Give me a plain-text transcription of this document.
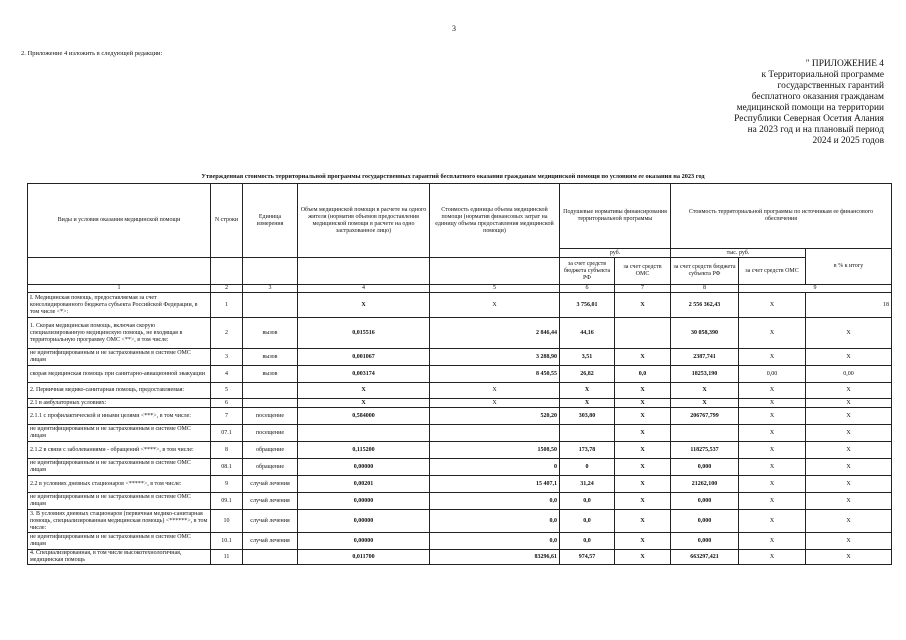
3
2. Приложение 4 изложить в следующей редакции:
" ПРИЛОЖЕНИЕ 4
к Территориальной программе
государственных гарантий
бесплатного оказания гражданам
медицинской помощи на территории
Республики Северная Осетия Алания
на 2023 год и на плановый период
2024 и 2025 годов
Утвержденная стоимость территориальной программы государственных гарантий бесплатного оказания гражданам медицинской помощи по условиям ее оказания на 2023 год
Виды и условия оказания медицинской помощи	N строки	Единица измерения	Объем медицинской помощи в расчете на одного жителя (норматив объемов предоставления медицинской помощи в расчете на одно застрахованное лицо)	Стоимость единицы объема медицинской помощи (норматив финансовых затрат на единицу объема предоставления медицинской помощи)	Подушевые нормативы финансирования территориальной программы		Стоимость территориальной программы по источникам ее финансового обеспечения		
					руб.		тыс. руб.		в % к итогу
					за счет средств бюджета субъекта РФ	за счет средств ОМС	за счет средств бюджета субъекта РФ	за счет средств ОМС	
1	2	3	4	5	6	7	8	9	
I. Медицинская помощь, предоставляемая за счет консолидированного бюджета субъекта Российской Федерации, в том числе <*>:	1		X	X	3 756,01	X	2 556 362,43	X	18
1. Скорая медицинская помощь, включая скорую специализированную медицинскую помощь, не входящая в территориальную программу ОМС <**>, в том числе:	2	вызов	0,015516	2 846,44	44,16		30 058,390	X	X
не идентифицированным и не застрахованным в системе ОМС лицам	3	вызов	0,001067	3 288,90	3,51	X	2387,741	X	X
скорая медицинская помощь при санитарно-авиационной эвакуации	4	вызов	0,003174	8 450,55	26,82	0,0	18253,190	0,00	0,00
2. Первичная медико-санитарная помощь, предоставляемая:	5		X	X	X	X	X	X	X
2.1 в амбулаторных условиях:	6		X	X	X	X	X	X	X
2.1.1 с профилактической и иными целями <***>, в том числе:	7	посещение	0,584000	520,20	303,80	X	206767,799	X	X
не идентифицированным и не застрахованным в системе ОМС лицам	07.1	посещение				X		X	X
2.1.2 в связи с заболеваниями - обращений <****>, в том числе:	8	обращение	0,115200	1508,50	173,78	X	118275,537	X	X
не идентифицированным и не застрахованным в системе ОМС лицам	08.1	обращение	0,00000	0	0	X	0,000	X	X
2.2 в условиях дневных стационаров <*****>, в том числе:	9	случай лечения	0,00201	15 407,1	31,24	X	21262,100	X	X
не идентифицированным и не застрахованным в системе ОМС лицам	09.1	случай лечения	0,00000	0,0	0,0	X	0,000	X	X
3. В условиях дневных стационаров (первичная медико-санитарная помощь, специализированная медицинская помощь) <******>, в том числе:	10	случай лечения	0,00000	0,0	0,0	X	0,000	X	X
не идентифицированным и не застрахованным в системе ОМС лицам	10.1	случай лечения	0,00000	0,0	0,0	X	0,000	X	X
4. Специализированная, в том числе высокотехнологичная, медицинская помощь	11		0,011700	83296,61	974,57	X	663297,421	X	X
